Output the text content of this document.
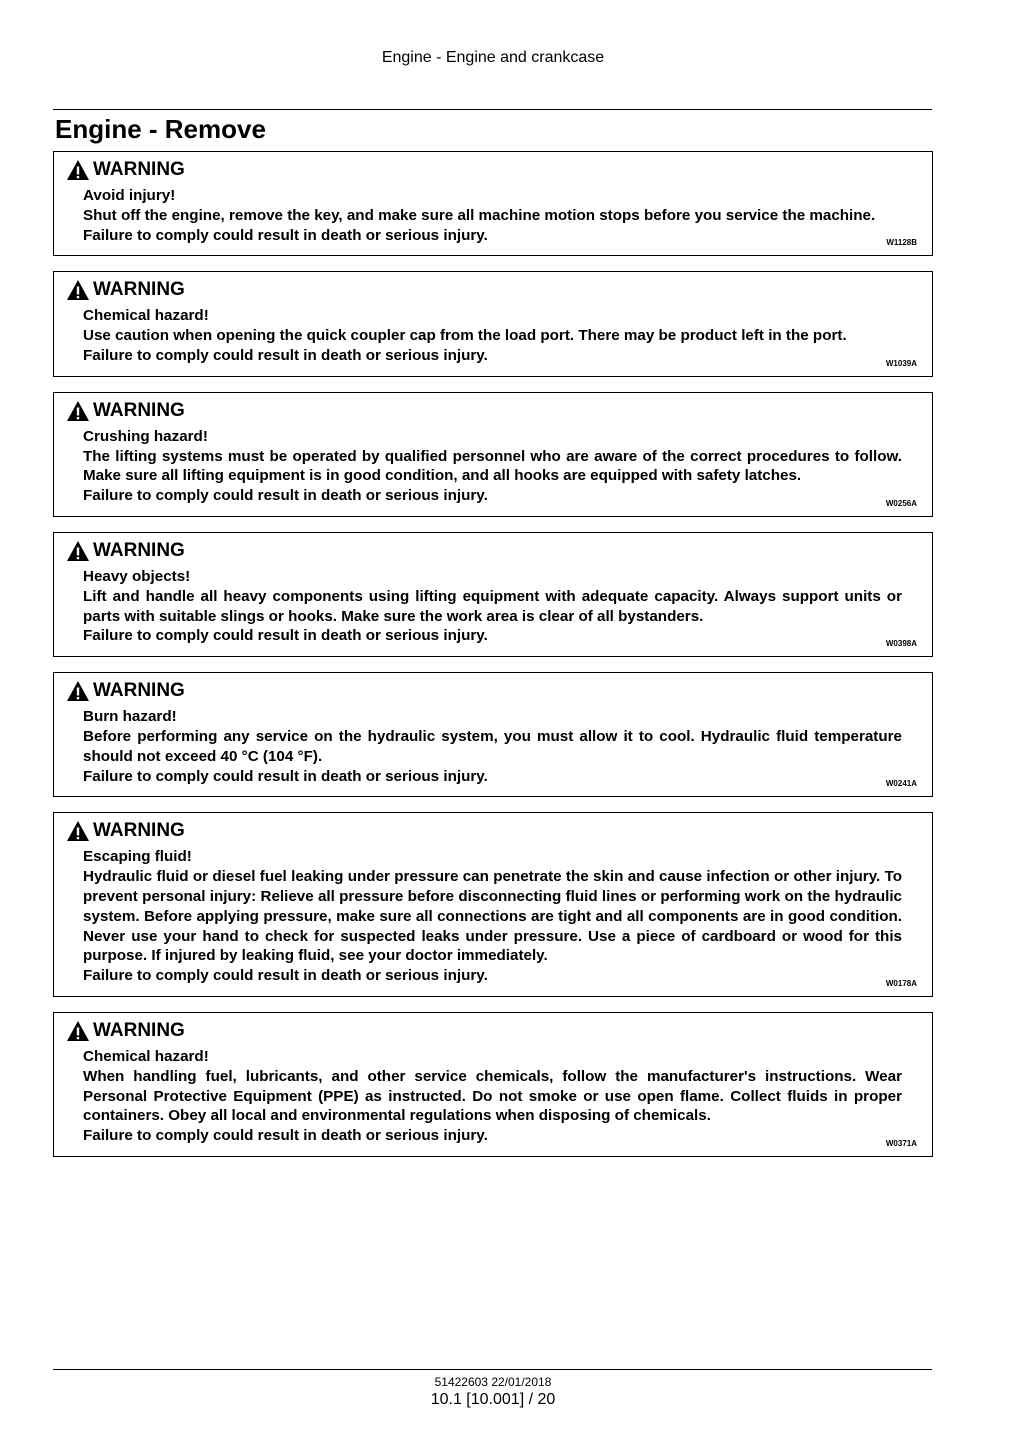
Engine - Engine and crankcase
Engine - Remove
WARNING

Avoid injury!

Shut off the engine, remove the key, and make sure all machine motion stops before you service the machine.

Failure to comply could result in death or serious injury.	W1128B
WARNING

Chemical hazard!

Use caution when opening the quick coupler cap from the load port. There may be product left in the port.

Failure to comply could result in death or serious injury.	W1039A
WARNING

Crushing hazard!

The lifting systems must be operated by qualified personnel who are aware of the correct procedures to follow. Make sure all lifting equipment is in good condition, and all hooks are equipped with safety latches.

Failure to comply could result in death or serious injury.	W0256A
WARNING

Heavy objects!

Lift and handle all heavy components using lifting equipment with adequate capacity. Always support units or parts with suitable slings or hooks. Make sure the work area is clear of all bystanders.

Failure to comply could result in death or serious injury.	W0398A
WARNING

Burn hazard!

Before performing any service on the hydraulic system, you must allow it to cool. Hydraulic fluid temperature should not exceed 40 °C (104 °F).

Failure to comply could result in death or serious injury.	W0241A
WARNING

Escaping fluid!

Hydraulic fluid or diesel fuel leaking under pressure can penetrate the skin and cause infection or other injury. To prevent personal injury: Relieve all pressure before disconnecting fluid lines or performing work on the hydraulic system. Before applying pressure, make sure all connections are tight and all components are in good condition. Never use your hand to check for suspected leaks under pressure. Use a piece of cardboard or wood for this purpose. If injured by leaking fluid, see your doctor immediately.

Failure to comply could result in death or serious injury.	W0178A
WARNING

Chemical hazard!

When handling fuel, lubricants, and other service chemicals, follow the manufacturer's instructions. Wear Personal Protective Equipment (PPE) as instructed. Do not smoke or use open flame. Collect fluids in proper containers. Obey all local and environmental regulations when disposing of chemicals.

Failure to comply could result in death or serious injury.	W0371A
51422603 22/01/2018
10.1 [10.001] / 20
